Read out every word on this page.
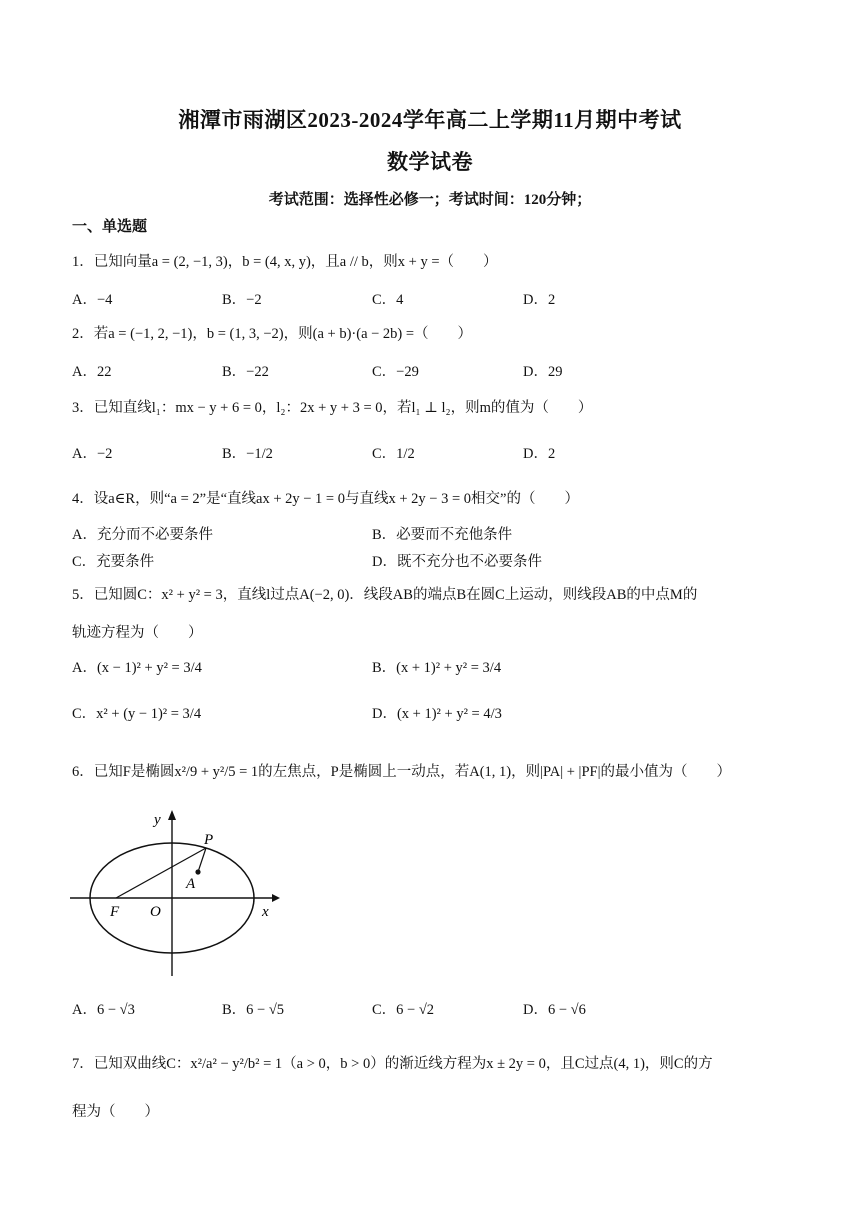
湘潭市雨湖区2023-2024学年高二上学期11月期中考试
数学试卷
考试范围：选择性必修一；考试时间：120分钟；
一、单选题
1．已知向量a = (2, −1, 3)，b = (4, x, y)，且a // b，则x + y =（　　）
A．−4	B．−2	C．4	D．2
2．若a = (−1, 2, −1)，b = (1, 3, −2)，则(a + b)·(a − 2b) =（　　）
A．22	B．−22	C．−29	D．29
3．已知直线l₁：mx − y + 6 = 0，l₂：2x + y + 3 = 0，若l₁ ⊥ l₂，则m的值为（　　）
A．−2	B．−1/2	C．1/2	D．2
4．设a∈R，则“a = 2”是“直线ax + 2y − 1 = 0与直线x + 2y − 3 = 0相交”的（　　）
A．充分而不必要条件	B．必要而不充他条件
C．充要条件	D．既不充分也不必要条件
5．已知圆C：x² + y² = 3，直线l过点A(−2, 0)．线段AB的端点B在圆C上运动，则线段AB的中点M的
轨迹方程为（　　）
A．(x − 1)² + y² = 3/4	B．(x + 1)² + y² = 3/4
C．x² + (y − 1)² = 3/4	D．(x + 1)² + y² = 4/3
6．已知F是椭圆x²/9 + y²/5 = 1的左焦点，P是椭圆上一动点，若A(1, 1)，则|PA| + |PF|的最小值为（　　）
y
x
P
A
F O
A．6 − √3	B．6 − √5	C．6 − √2	D．6 − √6
7．已知双曲线C：x²/a² − y²/b² = 1（a > 0，b > 0）的渐近线方程为x ± 2y = 0，且C过点(4, 1)，则C的方
程为（　　）
